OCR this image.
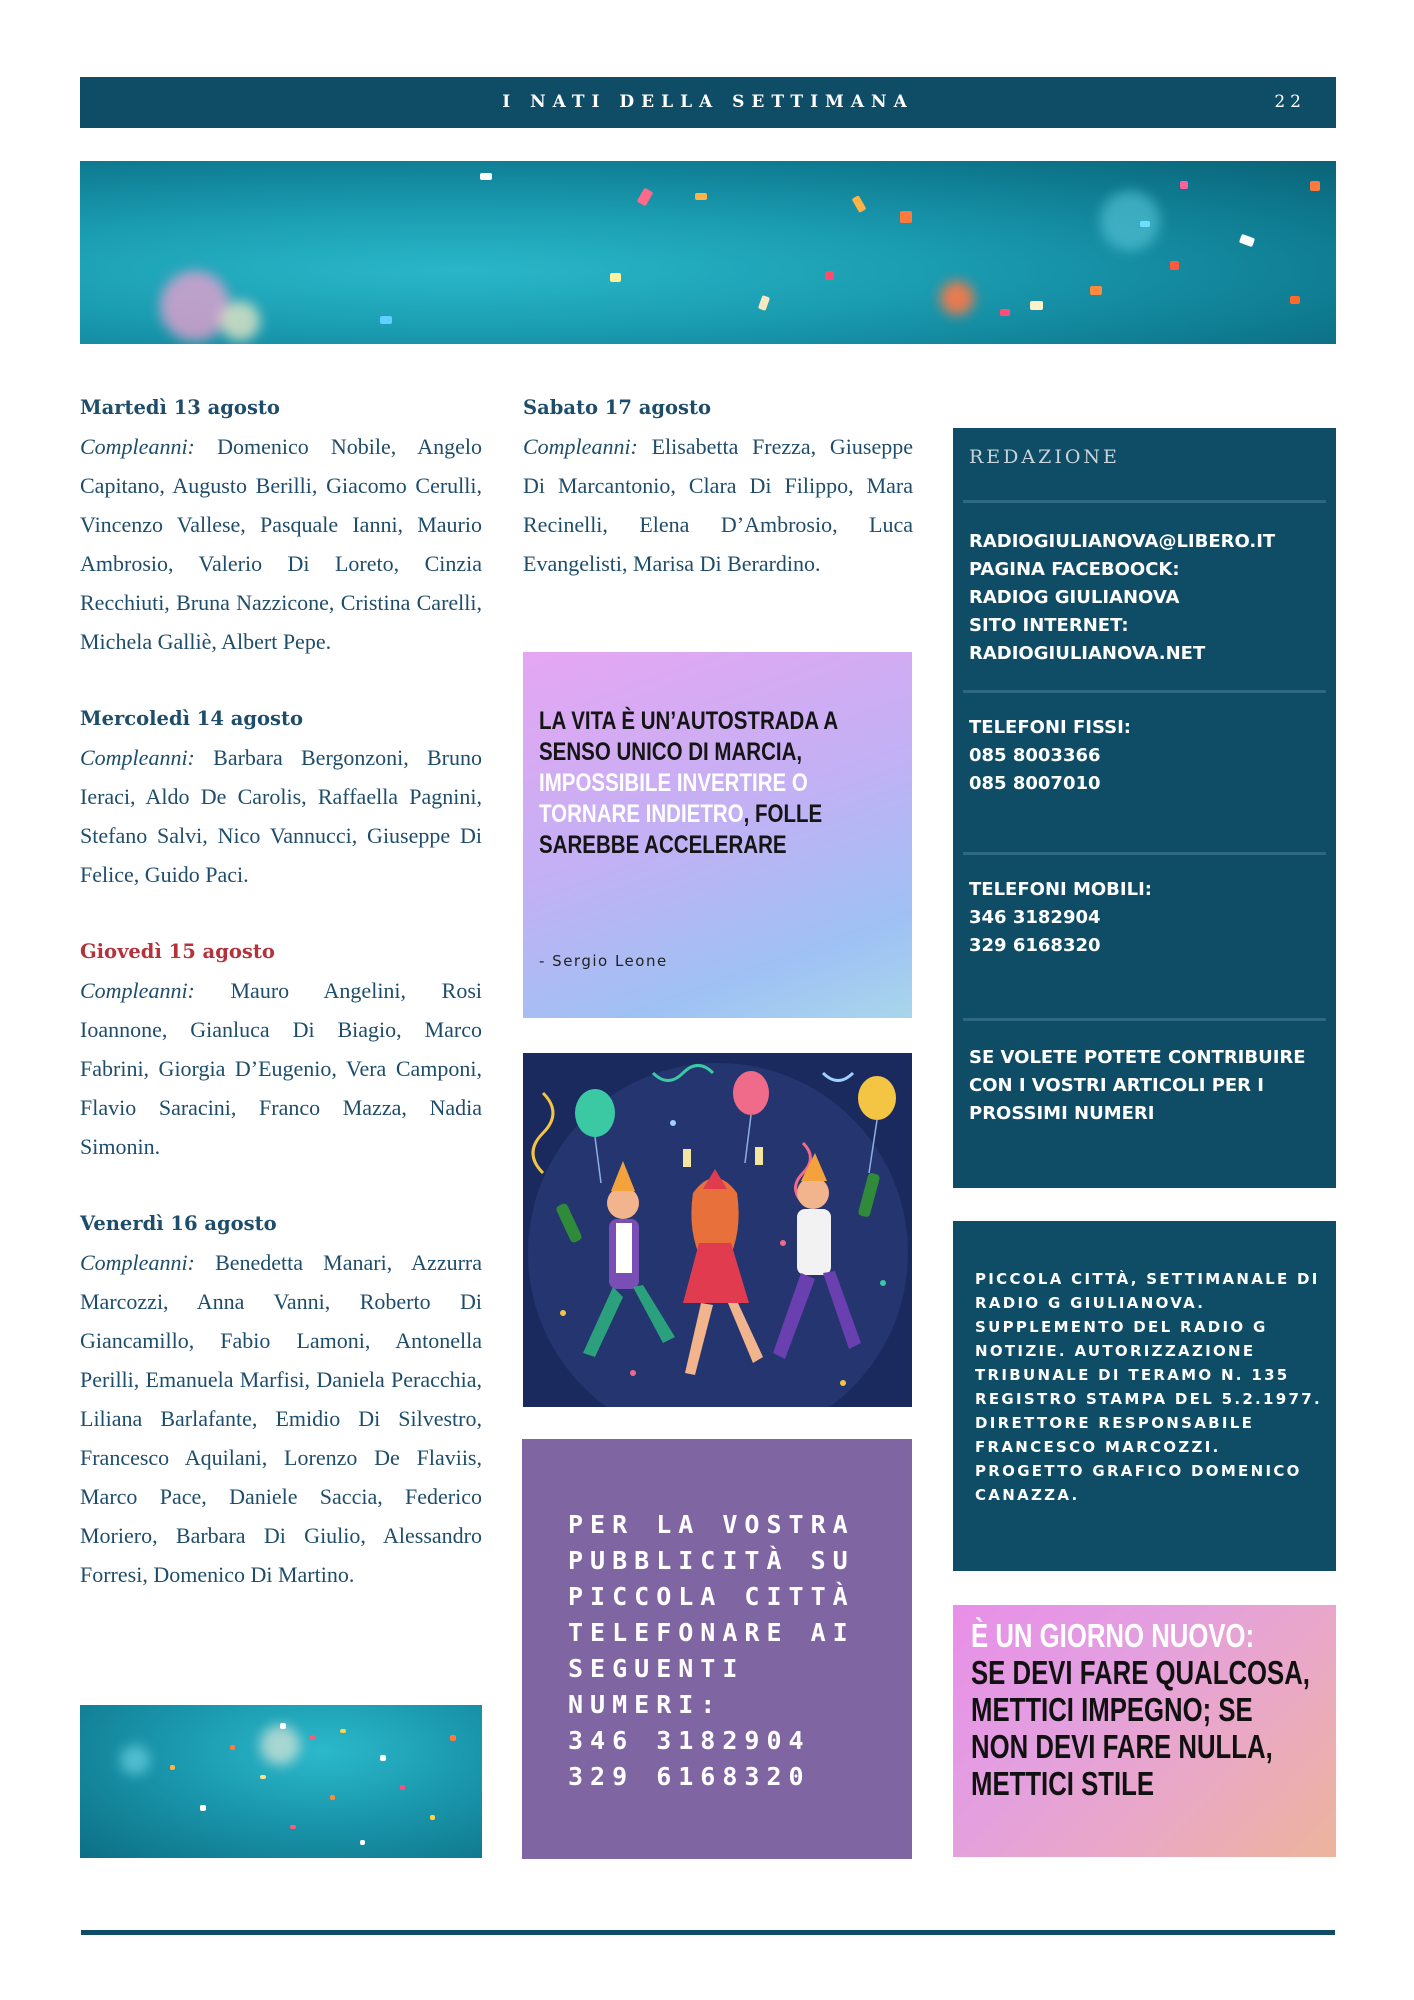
I NATI DELLA SETTIMANA	22
Martedì 13 agosto
Compleanni: Domenico Nobile, Angelo Capitano, Augusto Berilli, Giacomo Cerulli, Vincenzo Vallese, Pasquale Ianni, Maurio Ambrosio, Valerio Di Loreto, Cinzia Recchiuti, Bruna Nazzicone, Cristina Carelli, Michela Galliè, Albert Pepe.
Mercoledì 14 agosto
Compleanni: Barbara Bergonzoni, Bruno Ieraci, Aldo De Carolis, Raffaella Pagnini, Stefano Salvi, Nico Vannucci, Giuseppe Di Felice, Guido Paci.
Giovedì 15 agosto
Compleanni: Mauro Angelini, Rosi Ioannone, Gianluca Di Biagio, Marco Fabrini, Giorgia D’Eugenio, Vera Camponi, Flavio Saracini, Franco Mazza, Nadia Simonin.
Venerdì 16 agosto
Compleanni: Benedetta Manari, Azzurra Marcozzi, Anna Vanni, Roberto Di Giancamillo, Fabio Lamoni, Antonella Perilli, Emanuela Marfisi, Daniela Peracchia, Liliana Barlafante, Emidio Di Silvestro, Francesco Aquilani, Lorenzo De Flaviis, Marco Pace, Daniele Saccia, Federico Moriero, Barbara Di Giulio, Alessandro Forresi, Domenico Di Martino.
Sabato 17 agosto
Compleanni: Elisabetta Frezza, Giuseppe Di Marcantonio, Clara Di Filippo, Mara Recinelli, Elena D’Ambrosio, Luca Evangelisti, Marisa Di Berardino.
LA VITA È UN’AUTOSTRADA A SENSO UNICO DI MARCIA, IMPOSSIBILE INVERTIRE O TORNARE INDIETRO, FOLLE SAREBBE ACCELERARE
- Sergio Leone
PER LA VOSTRA
PUBBLICITÀ SU
PICCOLA CITTÀ
TELEFONARE AI
SEGUENTI NUMERI:
346 3182904
329 6168320
REDAZIONE
RADIOGIULIANOVA@LIBERO.IT
PAGINA FACEBOOCK:
RADIOG GIULIANOVA
SITO INTERNET:
RADIOGIULIANOVA.NET
TELEFONI FISSI:
085 8003366
085 8007010
TELEFONI MOBILI:
346 3182904
329 6168320
SE VOLETE POTETE CONTRIBUIRE
CON I VOSTRI ARTICOLI PER I
PROSSIMI NUMERI
PICCOLA CITTÀ, SETTIMANALE DI RADIO G GIULIANOVA. SUPPLEMENTO DEL RADIO G NOTIZIE. AUTORIZZAZIONE TRIBUNALE DI TERAMO N. 135 REGISTRO STAMPA DEL 5.2.1977. DIRETTORE RESPONSABILE FRANCESCO MARCOZZI. PROGETTO GRAFICO DOMENICO CANAZZA.
È UN GIORNO NUOVO:
SE DEVI FARE QUALCOSA, METTICI IMPEGNO; SE NON DEVI FARE NULLA, METTICI STILE
